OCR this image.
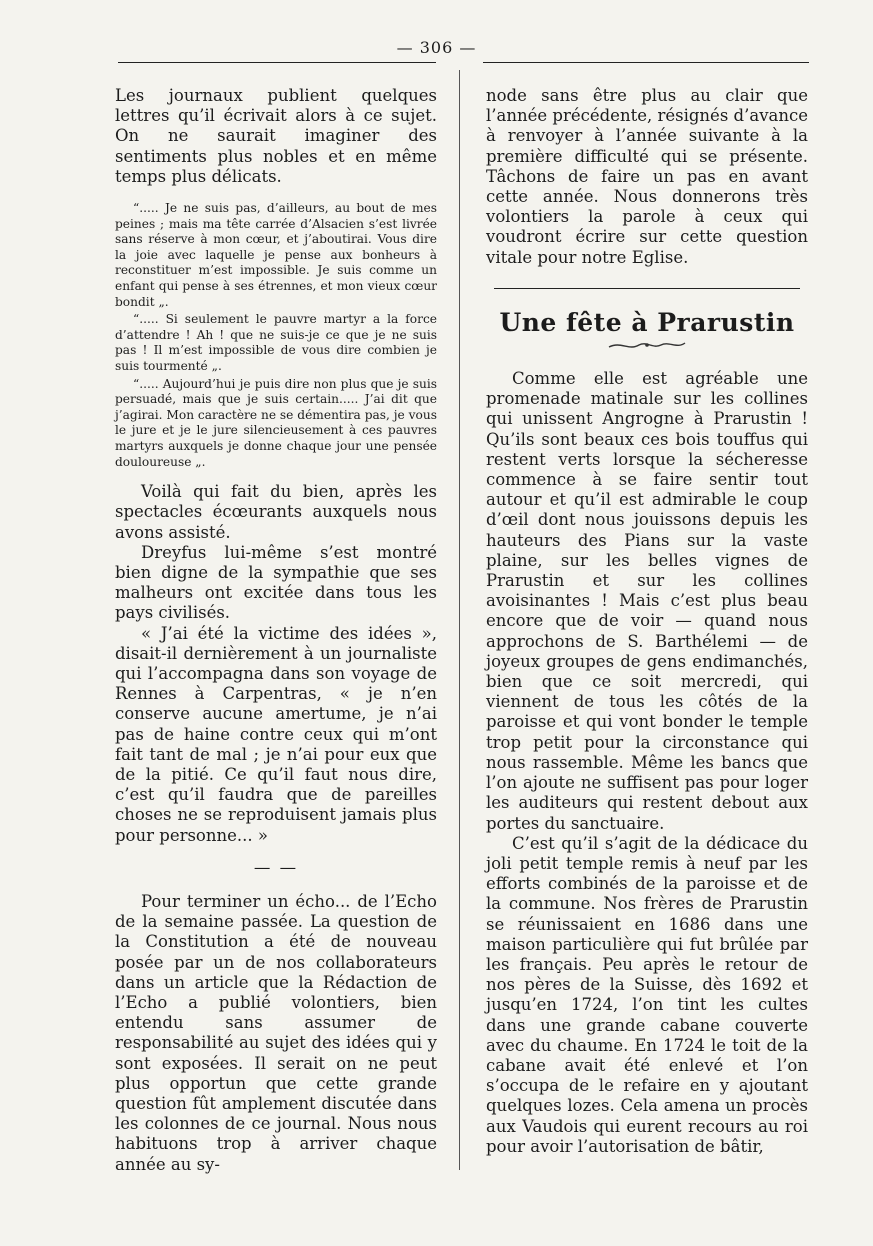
— 306 —

Les journaux publient quelques lettres qu’il écrivait alors à ce sujet. On ne saurait imaginer des sentiments plus nobles et en même temps plus délicats.

“..... Je ne suis pas, d’ailleurs, au bout de mes peines ; mais ma tête carrée d’Alsacien s’est livrée sans réserve à mon cœur, et j’aboutirai. Vous dire la joie avec laquelle je pense aux bonheurs à reconstituer m’est impossible. Je suis comme un enfant qui pense à ses étrennes, et mon vieux cœur bondit „.

“..... Si seulement le pauvre martyr a la force d’attendre ! Ah ! que ne suis-je ce que je ne suis pas ! Il m’est impossible de vous dire combien je suis tourmenté „.

“..... Aujourd’hui je puis dire non plus que je suis persuadé, mais que je suis certain..... J’ai dit que j’agirai. Mon caractère ne se démentira pas, je vous le jure et je le jure silencieusement à ces pauvres martyrs auxquels je donne chaque jour une pensée douloureuse „.

Voilà qui fait du bien, après les spectacles écœurants auxquels nous avons assisté.

Dreyfus lui-même s’est montré bien digne de la sympathie que ses malheurs ont excitée dans tous les pays civilisés.

« J’ai été la victime des idées », disait-il dernièrement à un journaliste qui l’accompagna dans son voyage de Rennes à Carpentras, « je n’en conserve aucune amertume, je n’ai pas de haine contre ceux qui m’ont fait tant de mal ; je n’ai pour eux que de la pitié. Ce qu’il faut nous dire, c’est qu’il faudra que de pareilles choses ne se reproduisent jamais plus pour personne... »

— —

Pour terminer un écho... de l’Echo de la semaine passée. La question de la Constitution a été de nouveau posée par un de nos collaborateurs dans un article que la Rédaction de l’Echo a publié volontiers, bien entendu sans assumer de responsabilité au sujet des idées qui y sont exposées. Il serait on ne peut plus opportun que cette grande question fût amplement discutée dans les colonnes de ce journal. Nous nous habituons trop à arriver chaque année au sy-

node sans être plus au clair que l’année précédente, résignés d’avance à renvoyer à l’année suivante à la première difficulté qui se présente. Tâchons de faire un pas en avant cette année. Nous donnerons très volontiers la parole à ceux qui voudront écrire sur cette question vitale pour notre Eglise.

Une fête à Prarustin

Comme elle est agréable une promenade matinale sur les collines qui unissent Angrogne à Prarustin ! Qu’ils sont beaux ces bois touffus qui restent verts lorsque la sécheresse commence à se faire sentir tout autour et qu’il est admirable le coup d’œil dont nous jouissons depuis les hauteurs des Pians sur la vaste plaine, sur les belles vignes de Prarustin et sur les collines avoisinantes ! Mais c’est plus beau encore que de voir — quand nous approchons de S. Barthélemi — de joyeux groupes de gens endimanchés, bien que ce soit mercredi, qui viennent de tous les côtés de la paroisse et qui vont bonder le temple trop petit pour la circonstance qui nous rassemble. Même les bancs que l’on ajoute ne suffisent pas pour loger les auditeurs qui restent debout aux portes du sanctuaire.

C’est qu’il s’agit de la dédicace du joli petit temple remis à neuf par les efforts combinés de la paroisse et de la commune. Nos frères de Prarustin se réunissaient en 1686 dans une maison particulière qui fut brûlée par les français. Peu après le retour de nos pères de la Suisse, dès 1692 et jusqu’en 1724, l’on tint les cultes dans une grande cabane couverte avec du chaume. En 1724 le toit de la cabane avait été enlevé et l’on s’occupa de le refaire en y ajoutant quelques lozes. Cela amena un procès aux Vaudois qui eurent recours au roi pour avoir l’autorisation de bâtir,
